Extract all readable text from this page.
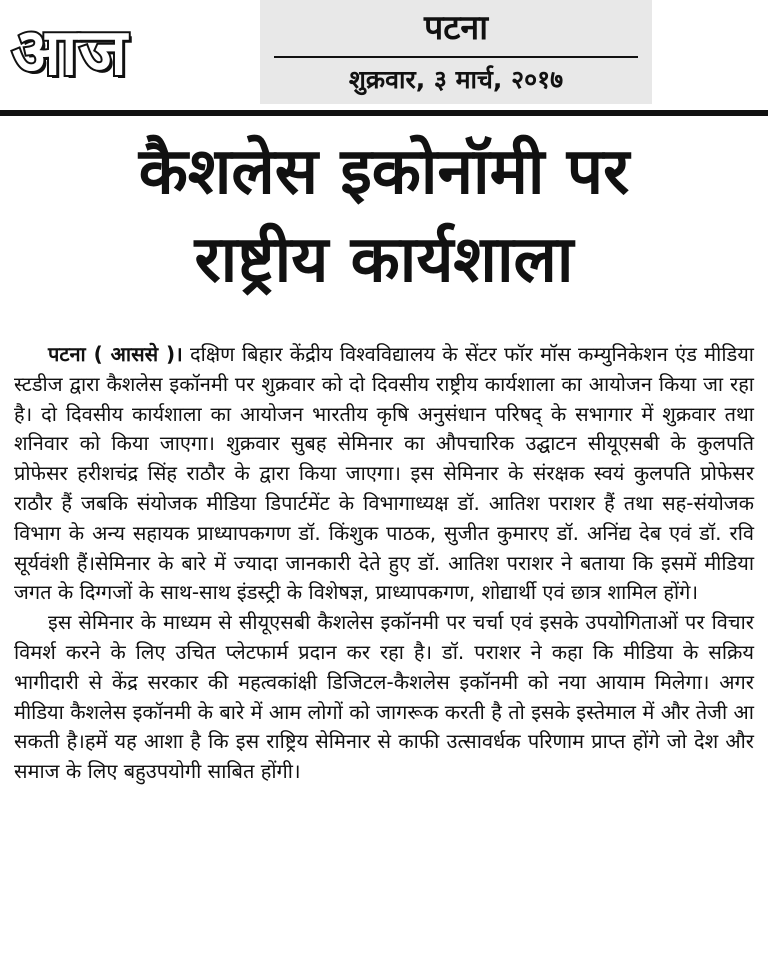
आज	पटना
शुक्रवार, ३ मार्च, २०१७
कैशलेस इकोनॉमी पर
राष्ट्रीय कार्यशाला

पटना ( आससे )। दक्षिण बिहार केंद्रीय विश्वविद्यालय के सेंटर फॉर मॉस कम्युनिकेशन एंड मीडिया स्टडीज द्वारा कैशलेस इकॉनमी पर शुक्रवार को दो दिवसीय राष्ट्रीय कार्यशाला का आयोजन किया जा रहा है। दो दिवसीय कार्यशाला का आयोजन भारतीय कृषि अनुसंधान परिषद् के सभागार में शुक्रवार तथा शनिवार को किया जाएगा। शुक्रवार सुबह सेमिनार का औपचारिक उद्घाटन सीयूएसबी के कुलपति प्रोफेसर हरीशचंद्र सिंह राठौर के द्वारा किया जाएगा। इस सेमिनार के संरक्षक स्वयं कुलपति प्रोफेसर राठौर हैं जबकि संयोजक मीडिया डिपार्टमेंट के विभागाध्यक्ष डॉ. आतिश पराशर हैं तथा सह-संयोजक विभाग के अन्य सहायक प्राध्यापकगण डॉ. किंशुक पाठक, सुजीत कुमारए डॉ. अनिंद्य देब एवं डॉ. रवि सूर्यवंशी हैं।सेमिनार के बारे में ज्यादा जानकारी देते हुए डॉ. आतिश पराशर ने बताया कि इसमें मीडिया जगत के दिग्गजों के साथ-साथ इंडस्ट्री के विशेषज्ञ, प्राध्यापकगण, शोद्यार्थी एवं छात्र शामिल होंगे।

इस सेमिनार के माध्यम से सीयूएसबी कैशलेस इकॉनमी पर चर्चा एवं इसके उपयोगिताओं पर विचार विमर्श करने के लिए उचित प्लेटफार्म प्रदान कर रहा है। डॉ. पराशर ने कहा कि मीडिया के सक्रिय भागीदारी से केंद्र सरकार की महत्वकांक्षी डिजिटल-कैशलेस इकॉनमी को नया आयाम मिलेगा। अगर मीडिया कैशलेस इकॉनमी के बारे में आम लोगों को जागरूक करती है तो इसके इस्तेमाल में और तेजी आ सकती है।हमें यह आशा है कि इस राष्ट्रिय सेमिनार से काफी उत्सावर्धक परिणाम प्राप्त होंगे जो देश और समाज के लिए बहुउपयोगी साबित होंगी।
